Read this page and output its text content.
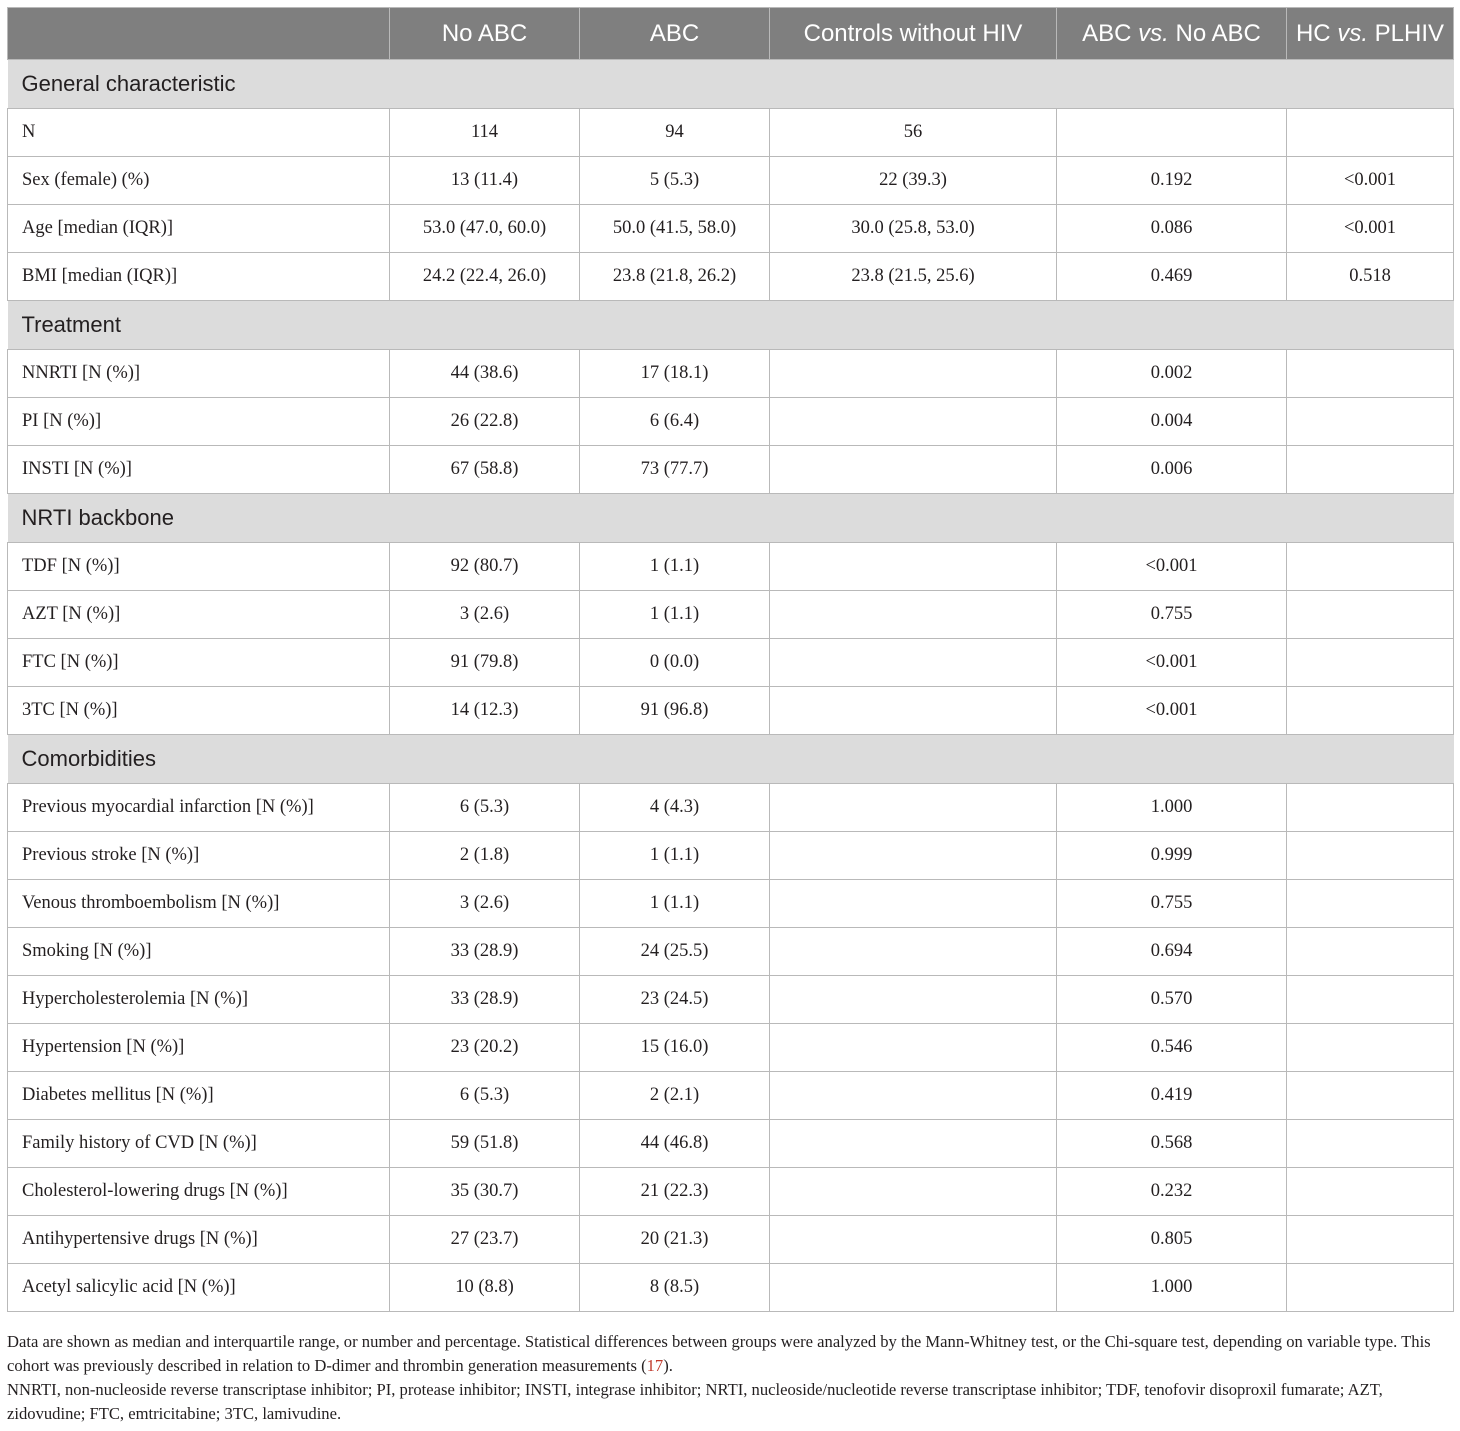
	No ABC	ABC	Controls without HIV	ABC vs. No ABC	HC vs. PLHIV
General characteristic					
N	114	94	56		
Sex (female) (%)	13 (11.4)	5 (5.3)	22 (39.3)	0.192	<0.001
Age [median (IQR)]	53.0 (47.0, 60.0)	50.0 (41.5, 58.0)	30.0 (25.8, 53.0)	0.086	<0.001
BMI [median (IQR)]	24.2 (22.4, 26.0)	23.8 (21.8, 26.2)	23.8 (21.5, 25.6)	0.469	0.518
Treatment					
NNRTI [N (%)]	44 (38.6)	17 (18.1)		0.002	
PI [N (%)]	26 (22.8)	6 (6.4)		0.004	
INSTI [N (%)]	67 (58.8)	73 (77.7)		0.006	
NRTI backbone					
TDF [N (%)]	92 (80.7)	1 (1.1)		<0.001	
AZT [N (%)]	3 (2.6)	1 (1.1)		0.755	
FTC [N (%)]	91 (79.8)	0 (0.0)		<0.001	
3TC [N (%)]	14 (12.3)	91 (96.8)		<0.001	
Comorbidities					
Previous myocardial infarction [N (%)]	6 (5.3)	4 (4.3)		1.000	
Previous stroke [N (%)]	2 (1.8)	1 (1.1)		0.999	
Venous thromboembolism [N (%)]	3 (2.6)	1 (1.1)		0.755	
Smoking [N (%)]	33 (28.9)	24 (25.5)		0.694	
Hypercholesterolemia [N (%)]	33 (28.9)	23 (24.5)		0.570	
Hypertension [N (%)]	23 (20.2)	15 (16.0)		0.546	
Diabetes mellitus [N (%)]	6 (5.3)	2 (2.1)		0.419	
Family history of CVD [N (%)]	59 (51.8)	44 (46.8)		0.568	
Cholesterol-lowering drugs [N (%)]	35 (30.7)	21 (22.3)		0.232	
Antihypertensive drugs [N (%)]	27 (23.7)	20 (21.3)		0.805	
Acetyl salicylic acid [N (%)]	10 (8.8)	8 (8.5)		1.000	

Data are shown as median and interquartile range, or number and percentage. Statistical differences between groups were analyzed by the Mann-Whitney test, or the Chi-square test, depending on variable type. This cohort was previously described in relation to D-dimer and thrombin generation measurements (17).

NNRTI, non-nucleoside reverse transcriptase inhibitor; PI, protease inhibitor; INSTI, integrase inhibitor; NRTI, nucleoside/nucleotide reverse transcriptase inhibitor; TDF, tenofovir disoproxil fumarate; AZT, zidovudine; FTC, emtricitabine; 3TC, lamivudine.
